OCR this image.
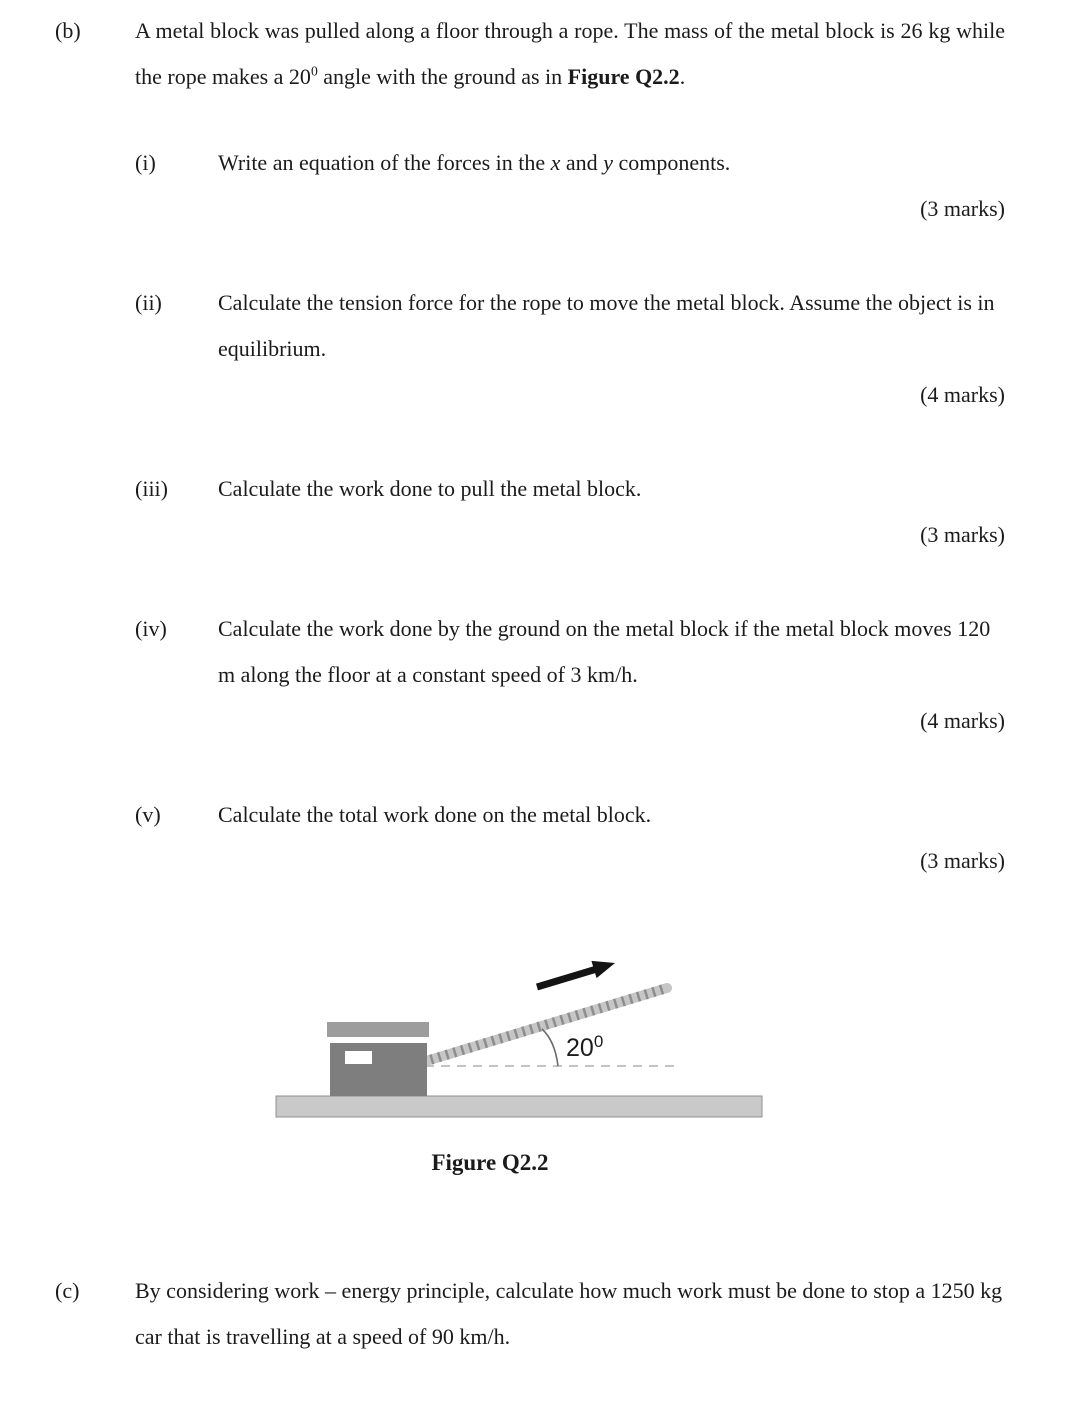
(b)	A metal block was pulled along a floor through a rope. The mass of the metal block is 26 kg while the rope makes a $20^0$ angle with the ground as in Figure Q2.2.

(i)	Write an equation of the forces in the x and y components.
(3 marks)
(ii)	Calculate the tension force for the rope to move the metal block. Assume the object is in equilibrium.
(4 marks)
(iii)	Calculate the work done to pull the metal block.
(3 marks)
(iv)	Calculate the work done by the ground on the metal block if the metal block moves 120 m along the floor at a constant speed of 3 km/h.
(4 marks)
(v)	Calculate the total work done on the metal block.
(3 marks)
$20^0$
Figure Q2.2
(c)	By considering work – energy principle, calculate how much work must be done to stop a 1250 kg car that is travelling at a speed of 90 km/h.
